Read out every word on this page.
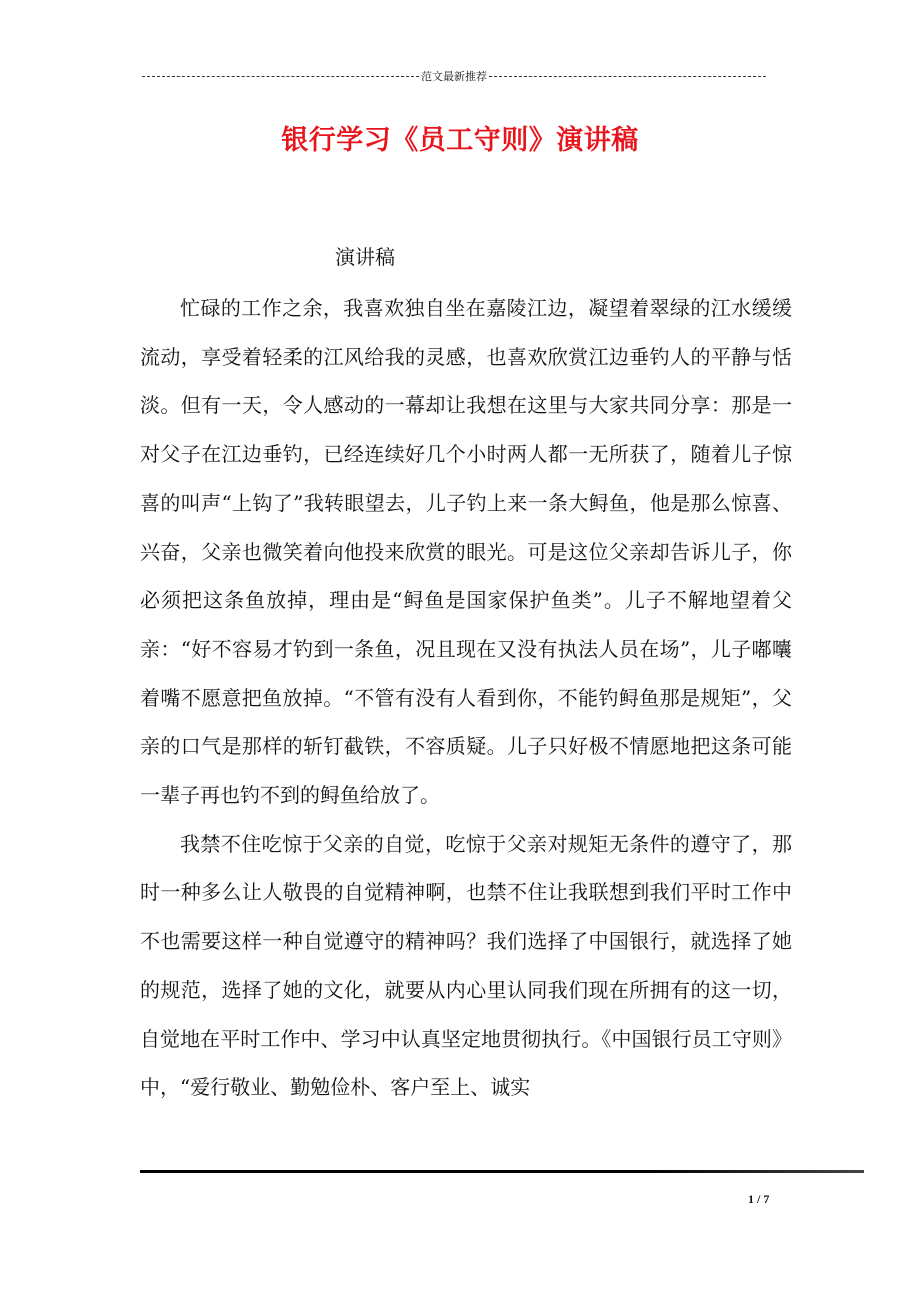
范文最新推荐
银行学习《员工守则》演讲稿
演讲稿

忙碌的工作之余，我喜欢独自坐在嘉陵江边，凝望着翠绿的江水缓缓流动，享受着轻柔的江风给我的灵感，也喜欢欣赏江边垂钓人的平静与恬淡。但有一天，令人感动的一幕却让我想在这里与大家共同分享：那是一对父子在江边垂钓，已经连续好几个小时两人都一无所获了，随着儿子惊喜的叫声“上钩了”我转眼望去，儿子钓上来一条大鲟鱼，他是那么惊喜、兴奋，父亲也微笑着向他投来欣赏的眼光。可是这位父亲却告诉儿子，你必须把这条鱼放掉，理由是“鲟鱼是国家保护鱼类”。儿子不解地望着父亲：“好不容易才钓到一条鱼，况且现在又没有执法人员在场”，儿子嘟囔着嘴不愿意把鱼放掉。“不管有没有人看到你，不能钓鲟鱼那是规矩”，父亲的口气是那样的斩钉截铁，不容质疑。儿子只好极不情愿地把这条可能一辈子再也钓不到的鲟鱼给放了。

我禁不住吃惊于父亲的自觉，吃惊于父亲对规矩无条件的遵守了，那时一种多么让人敬畏的自觉精神啊，也禁不住让我联想到我们平时工作中不也需要这样一种自觉遵守的精神吗？我们选择了中国银行，就选择了她的规范，选择了她的文化，就要从内心里认同我们现在所拥有的这一切，自觉地在平时工作中、学习中认真坚定地贯彻执行。《中国银行员工守则》中，“爱行敬业、勤勉俭朴、客户至上、诚实

1 / 7
